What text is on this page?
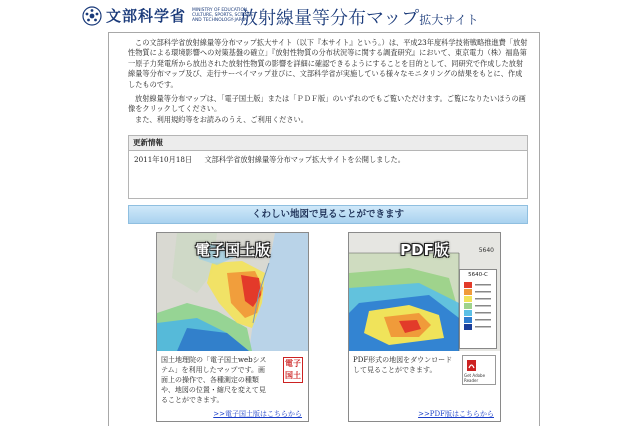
文部科学省 MINISTRY OF EDUCATION, CULTURE, SPORTS, SCIENCE AND TECHNOLOGY-JAPAN
放射線量等分布マップ拡大サイト

この文部科学省放射線量等分布マップ拡大サイト（以下『本サイト』という。）は、平成23年度科学技術戦略推進費「放射性物質による環境影響への対策基盤の確立」『放射性物質の分布状況等に関する調査研究』において、東京電力（株）福島第一原子力発電所から放出された放射性物質の影響を詳細に確認できるようにすることを目的として、同研究で作成した放射線量等分布マップ及び、走行サーベイマップ並びに、文部科学省が実施している様々なモニタリングの結果をもとに、作成したものです。

放射線量等分布マップは、「電子国土版」または「ＰＤＦ版」のいずれのでもご覧いただけます。ご覧になりたいほうの画像をクリックしてください。

また、利用規約等をお読みのうえ、ご利用ください。

更新情報
2011年10月18日 文部科学省放射線量等分布マップ拡大サイトを公開しました。
くわしい地図で見ることができます
電子国土版
国土地理院の「電子国土webシステム」を利用したマップです。画面上の操作で、各種測定の種類や、地図の位置・縮尺を変えて見ることができます。
電子国土
>>電子国土版はこちらから
PDF版	5640
5640-C
PDF形式の地図をダウンロードして見ることができます。
Get Adobe Reader
>>PDF版はこちらから
